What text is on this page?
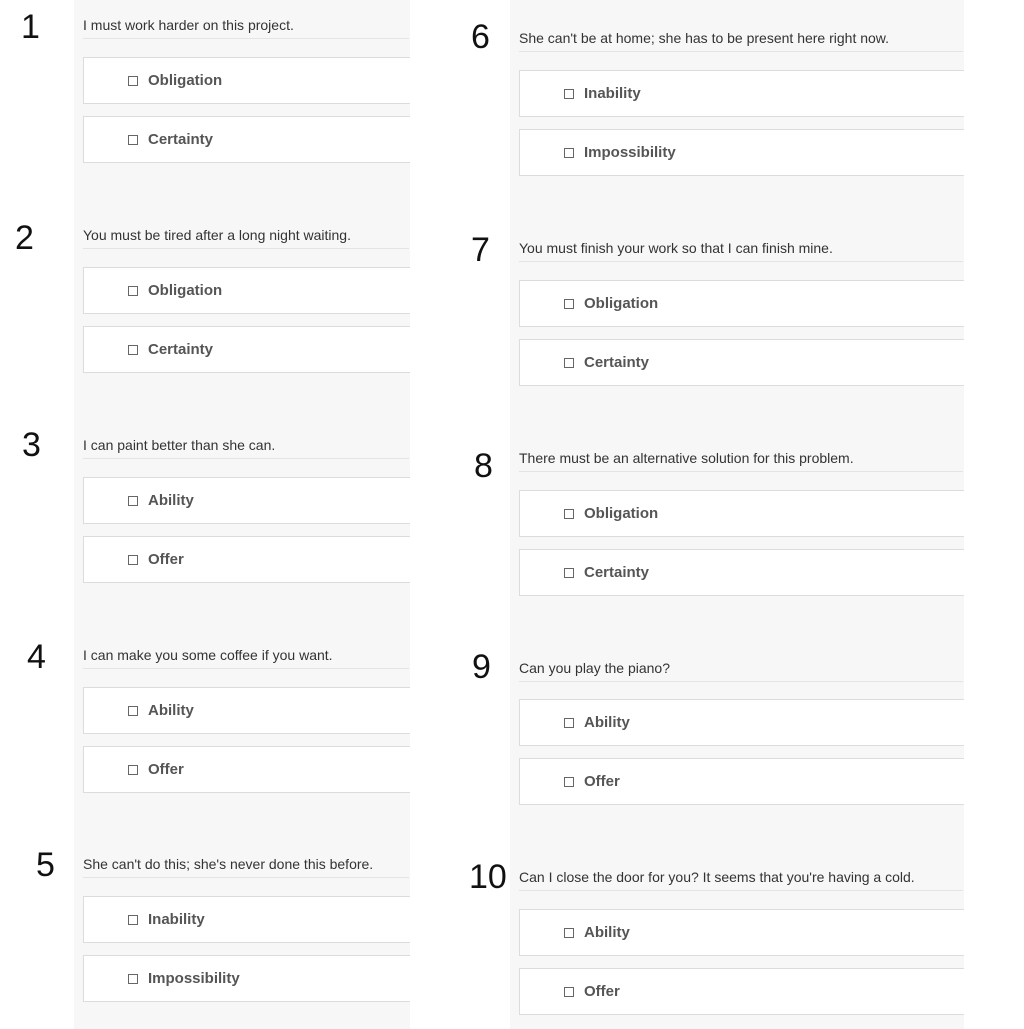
1	I must work harder on this project.
Obligation
Certainty
2	You must be tired after a long night waiting.
Obligation
Certainty
3	I can paint better than she can.
Ability
Offer
4	I can make you some coffee if you want.
Ability
Offer
5 She can't do this; she's never done this before.
Inability
Impossibility
6 She can't be at home; she has to be present here right now.
Inability
Impossibility
7 You must finish your work so that I can finish mine.
Obligation
Certainty
8 There must be an alternative solution for this problem.
Obligation
Certainty
9 Can you play the piano?
Ability
Offer
10 Can I close the door for you? It seems that you're having a cold.
Ability
Offer
